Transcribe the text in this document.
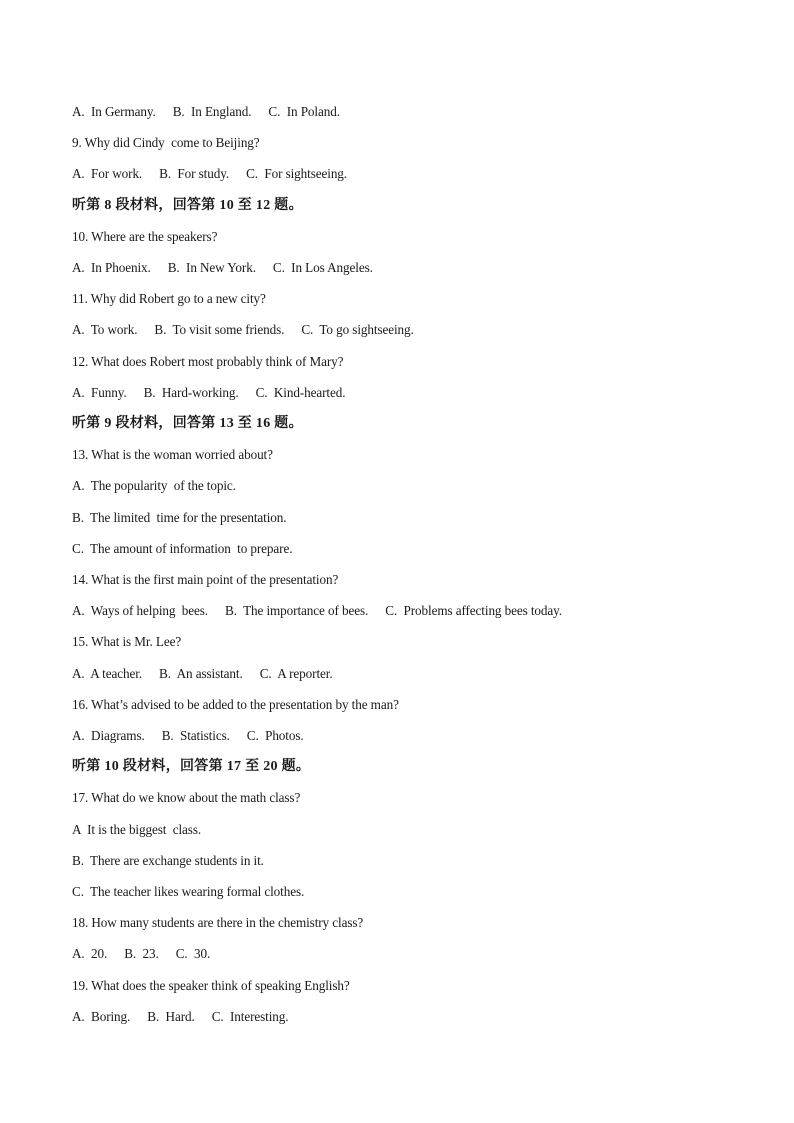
A.  In Germany. B.  In England. C.  In Poland.
9. Why did Cindy  come to Beijing?
A.  For work. B.  For study. C.  For sightseeing.
听第 8 段材料，回答第 10 至 12 题。
10. Where are the speakers?
A.  In Phoenix. B.  In New York. C.  In Los Angeles.
11. Why did Robert go to a new city?
A.  To work. B.  To visit some friends. C.  To go sightseeing.
12. What does Robert most probably think of Mary?
A.  Funny. B.  Hard-working. C.  Kind-hearted.
听第 9 段材料，回答第 13 至 16 题。
13. What is the woman worried about?
A.  The popularity  of the topic.
B.  The limited  time for the presentation.
C.  The amount of information  to prepare.
14. What is the first main point of the presentation?
A.  Ways of helping  bees. B.  The importance of bees. C.  Problems affecting bees today.
15. What is Mr. Lee?
A.  A teacher. B.  An assistant. C.  A reporter.
16. What’s advised to be added to the presentation by the man?
A.  Diagrams. B.  Statistics. C.  Photos.
听第 10 段材料，回答第 17 至 20 题。
17. What do we know about the math class?
A  It is the biggest  class.
B.  There are exchange students in it.
C.  The teacher likes wearing formal clothes.
18. How many students are there in the chemistry class?
A.  20. B.  23. C.  30.
19. What does the speaker think of speaking English?
A.  Boring. B.  Hard. C.  Interesting.
